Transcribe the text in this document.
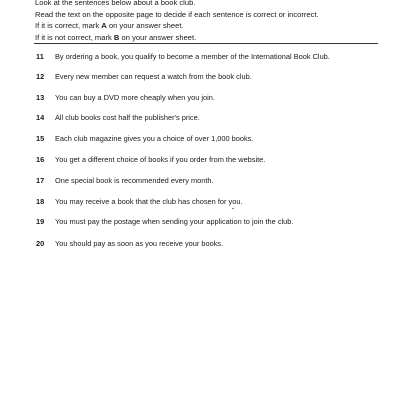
Look at the sentences below about a book club.
Read the text on the opposite page to decide if each sentence is correct or incorrect.
If it is correct, mark A on your answer sheet.
If it is not correct, mark B on your answer sheet.
11 By ordering a book, you qualify to become a member of the International Book Club.
12 Every new member can request a watch from the book club.
13 You can buy a DVD more cheaply when you join.
14 All club books cost half the publisher's price.
15 Each club magazine gives you a choice of over 1,000 books.
16 You get a different choice of books if you order from the website.
17 One special book is recommended every month.
18 You may receive a book that the club has chosen for you.
19 You must pay the postage when sending your application to join the club.
20 You should pay as soon as you receive your books.
